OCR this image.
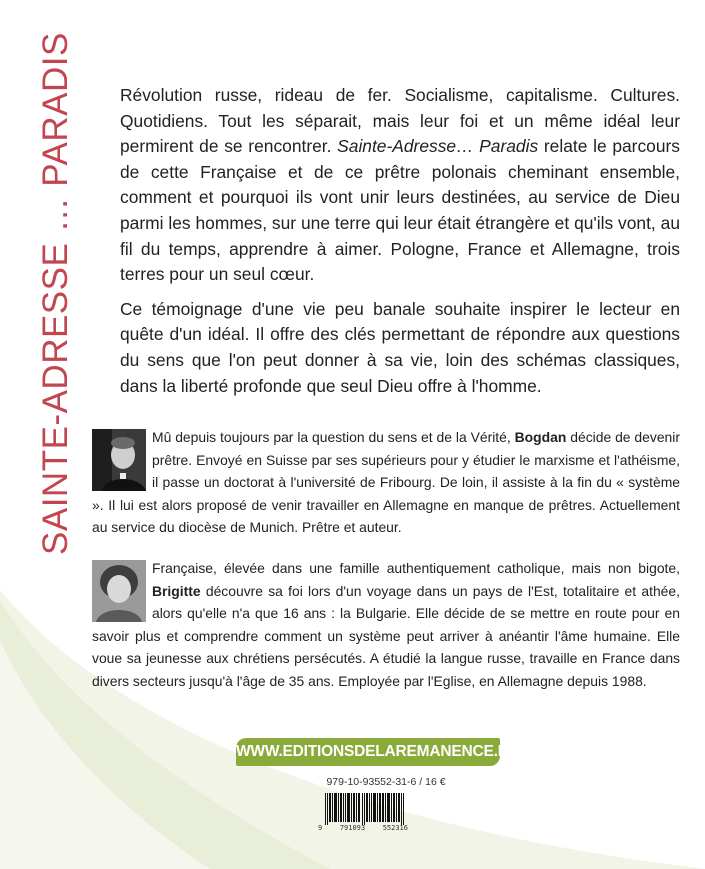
SAINTE-ADRESSE … PARADIS	Révolution russe, rideau de fer. Socialisme, capitalisme. Cultures. Quotidiens. Tout les séparait, mais leur foi et un même idéal leur permirent de se rencontrer. Sainte-Adresse… Paradis relate le parcours de cette Française et de ce prêtre polonais cheminant ensemble, comment et pourquoi ils vont unir leurs destinées, au service de Dieu parmi les hommes, sur une terre qui leur était étrangère et qu'ils vont, au fil du temps, apprendre à aimer. Pologne, France et Allemagne, trois terres pour un seul cœur.

Ce témoignage d'une vie peu banale souhaite inspirer le lecteur en quête d'un idéal. Il offre des clés permettant de répondre aux questions du sens que l'on peut donner à sa vie, loin des schémas classiques, dans la liberté profonde que seul Dieu offre à l'homme.

Mû depuis toujours par la question du sens et de la Vérité, Bogdan décide de devenir prêtre. Envoyé en Suisse par ses supérieurs pour y étudier le marxisme et l'athéisme, il passe un doctorat à l'université de Fribourg. De loin, il assiste à la fin du « système ». Il lui est alors proposé de venir travailler en Allemagne en manque de prêtres. Actuellement au service du diocèse de Munich. Prêtre et auteur.

Française, élevée dans une famille authentiquement catholique, mais non bigote, Brigitte découvre sa foi lors d'un voyage dans un pays de l'Est, totalitaire et athée, alors qu'elle n'a que 16 ans : la Bulgarie. Elle décide de se mettre en route pour en savoir plus et comprendre comment un système peut arriver à anéantir l'âme humaine. Elle voue sa jeunesse aux chrétiens persécutés. A étudié la langue russe, travaille en France dans divers secteurs jusqu'à l'âge de 35 ans. Employée par l'Eglise, en Allemagne depuis 1988.

WWW.EDITIONSDELAREMANENCE.FR
979-10-93552-31-6 / 16 €
9	791093	552316
